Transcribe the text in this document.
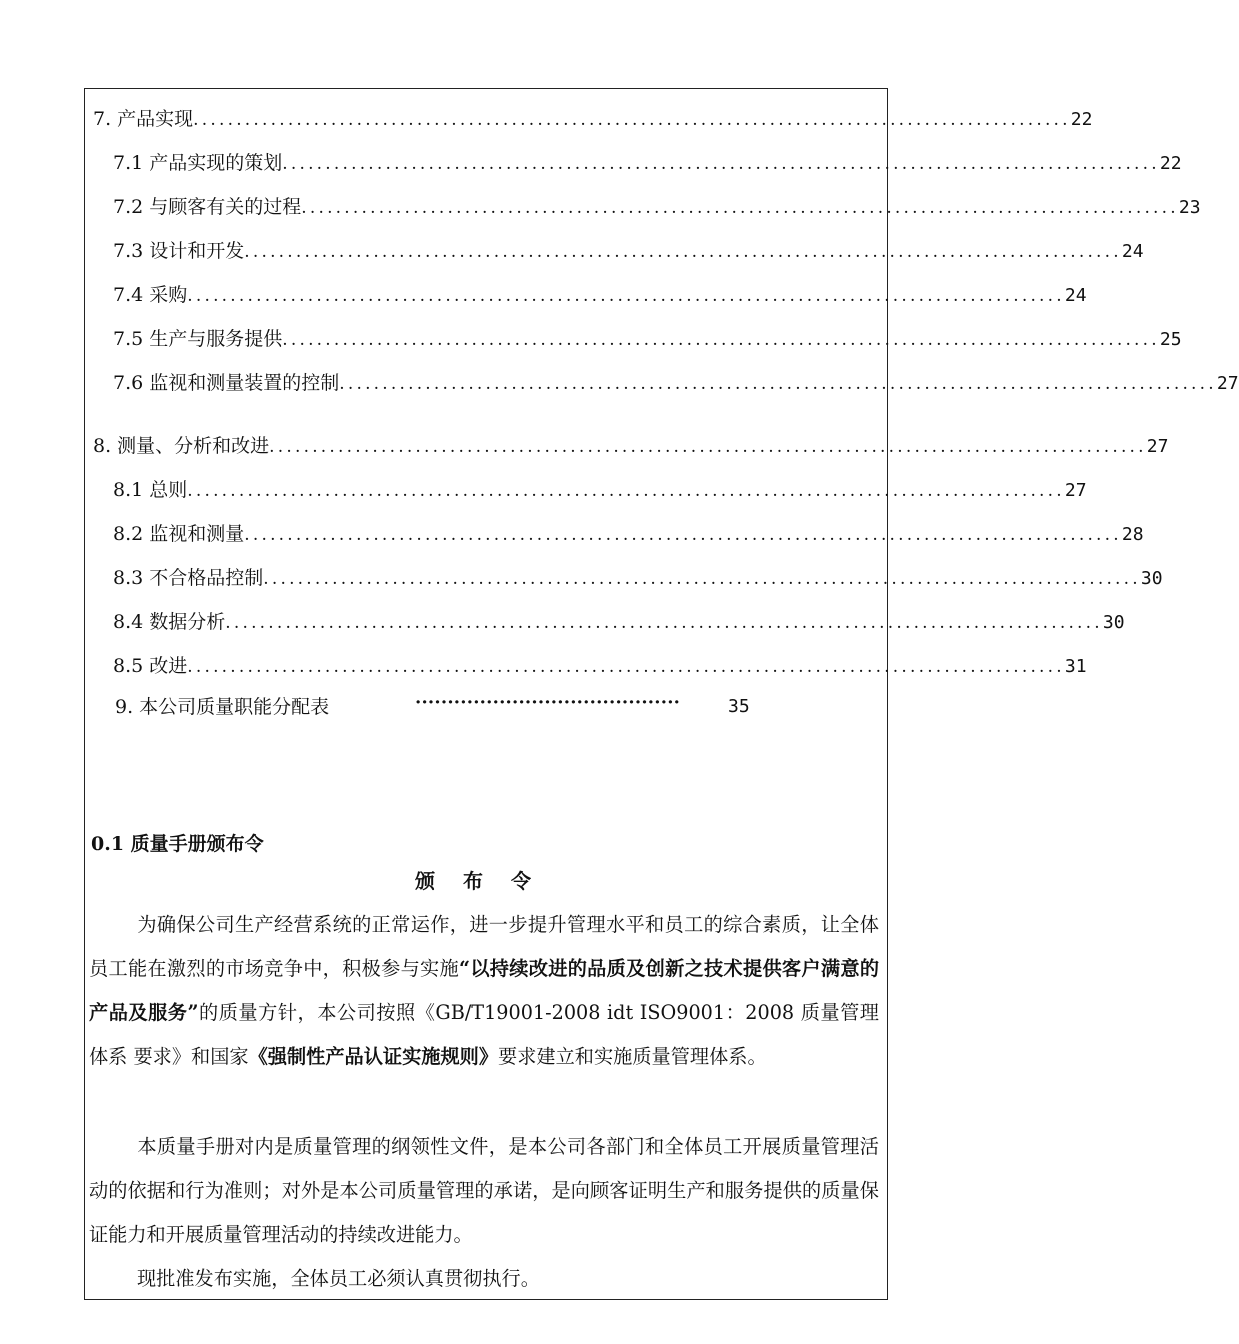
7. 产品实现 ...................................................................................................... 22
7.1 产品实现的策划 ...................................................................................................... 22
7.2 与顾客有关的过程 ...................................................................................................... 23
7.3 设计和开发 ...................................................................................................... 24
7.4 采购 ...................................................................................................... 24
7.5 生产与服务提供 ...................................................................................................... 25
7.6 监视和测量装置的控制 ...................................................................................................... 27
8. 测量、分析和改进 ...................................................................................................... 27
8.1 总则 ...................................................................................................... 27
8.2 监视和测量 ...................................................................................................... 28
8.3 不合格品控制 ...................................................................................................... 30
8.4 数据分析 ...................................................................................................... 30
8.5 改进 ...................................................................................................... 31
9. 本公司质量职能分配表	·········································	35
0.1 质量手册颁布令
颁布令
为确保公司生产经营系统的正常运作，进一步提升管理水平和员工的综合素质，让全体员工能在激烈的市场竞争中，积极参与实施“以持续改进的品质及创新之技术提供客户满意的产品及服务”的质量方针，本公司按照《GB/T19001-2008 idt ISO9001：2008 质量管理体系 要求》和国家《强制性产品认证实施规则》要求建立和实施质量管理体系。
本质量手册对内是质量管理的纲领性文件，是本公司各部门和全体员工开展质量管理活动的依据和行为准则；对外是本公司质量管理的承诺，是向顾客证明生产和服务提供的质量保证能力和开展质量管理活动的持续改进能力。
现批准发布实施，全体员工必须认真贯彻执行。
